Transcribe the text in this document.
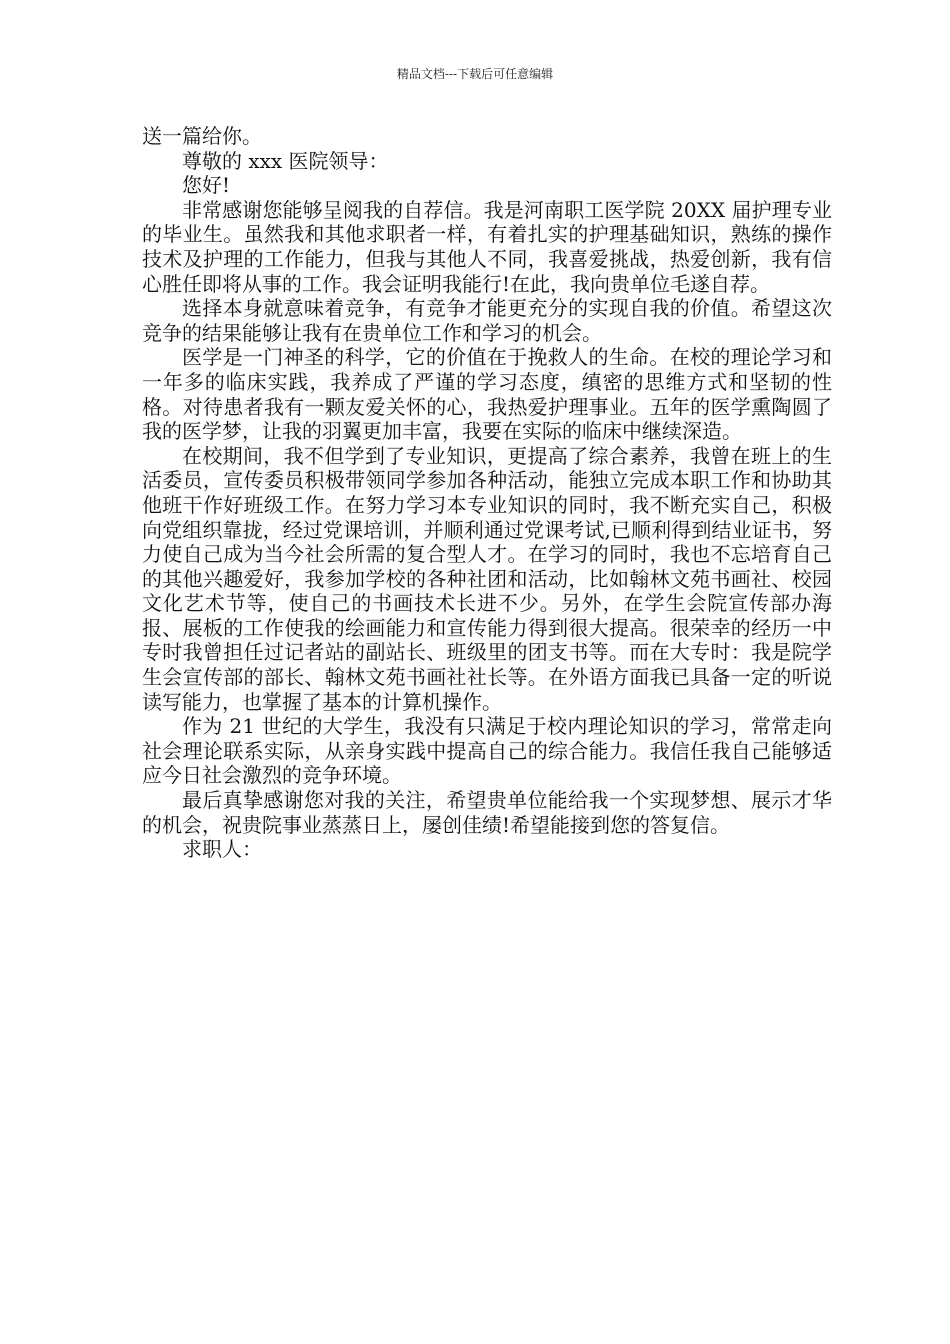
精品文档---下载后可任意编辑

送一篇给你。

尊敬的 xxx 医院领导：

您好!

非常感谢您能够呈阅我的自荐信。我是河南职工医学院 20XX 届护理专业的毕业生。虽然我和其他求职者一样，有着扎实的护理基础知识，熟练的操作技术及护理的工作能力，但我与其他人不同，我喜爱挑战，热爱创新，我有信心胜任即将从事的工作。我会证明我能行!在此，我向贵单位毛遂自荐。

选择本身就意味着竞争，有竞争才能更充分的实现自我的价值。希望这次竞争的结果能够让我有在贵单位工作和学习的机会。

医学是一门神圣的科学，它的价值在于挽救人的生命。在校的理论学习和一年多的临床实践，我养成了严谨的学习态度，缜密的思维方式和坚韧的性格。对待患者我有一颗友爱关怀的心，我热爱护理事业。五年的医学熏陶圆了我的医学梦，让我的羽翼更加丰富，我要在实际的临床中继续深造。

在校期间，我不但学到了专业知识，更提高了综合素养，我曾在班上的生活委员，宣传委员积极带领同学参加各种活动，能独立完成本职工作和协助其他班干作好班级工作。在努力学习本专业知识的同时，我不断充实自己，积极向党组织靠拢，经过党课培训，并顺利通过党课考试,已顺利得到结业证书，努力使自己成为当今社会所需的复合型人才。在学习的同时，我也不忘培育自己的其他兴趣爱好，我参加学校的各种社团和活动，比如翰林文苑书画社、校园文化艺术节等，使自己的书画技术长进不少。另外，在学生会院宣传部办海报、展板的工作使我的绘画能力和宣传能力得到很大提高。很荣幸的经历一中专时我曾担任过记者站的副站长、班级里的团支书等。而在大专时：我是院学生会宣传部的部长、翰林文苑书画社社长等。在外语方面我已具备一定的听说读写能力，也掌握了基本的计算机操作。

作为 21 世纪的大学生，我没有只满足于校内理论知识的学习，常常走向社会理论联系实际，从亲身实践中提高自己的综合能力。我信任我自己能够适应今日社会激烈的竞争环境。

最后真挚感谢您对我的关注，希望贵单位能给我一个实现梦想、展示才华的机会，祝贵院事业蒸蒸日上，屡创佳绩!希望能接到您的答复信。

求职人：
